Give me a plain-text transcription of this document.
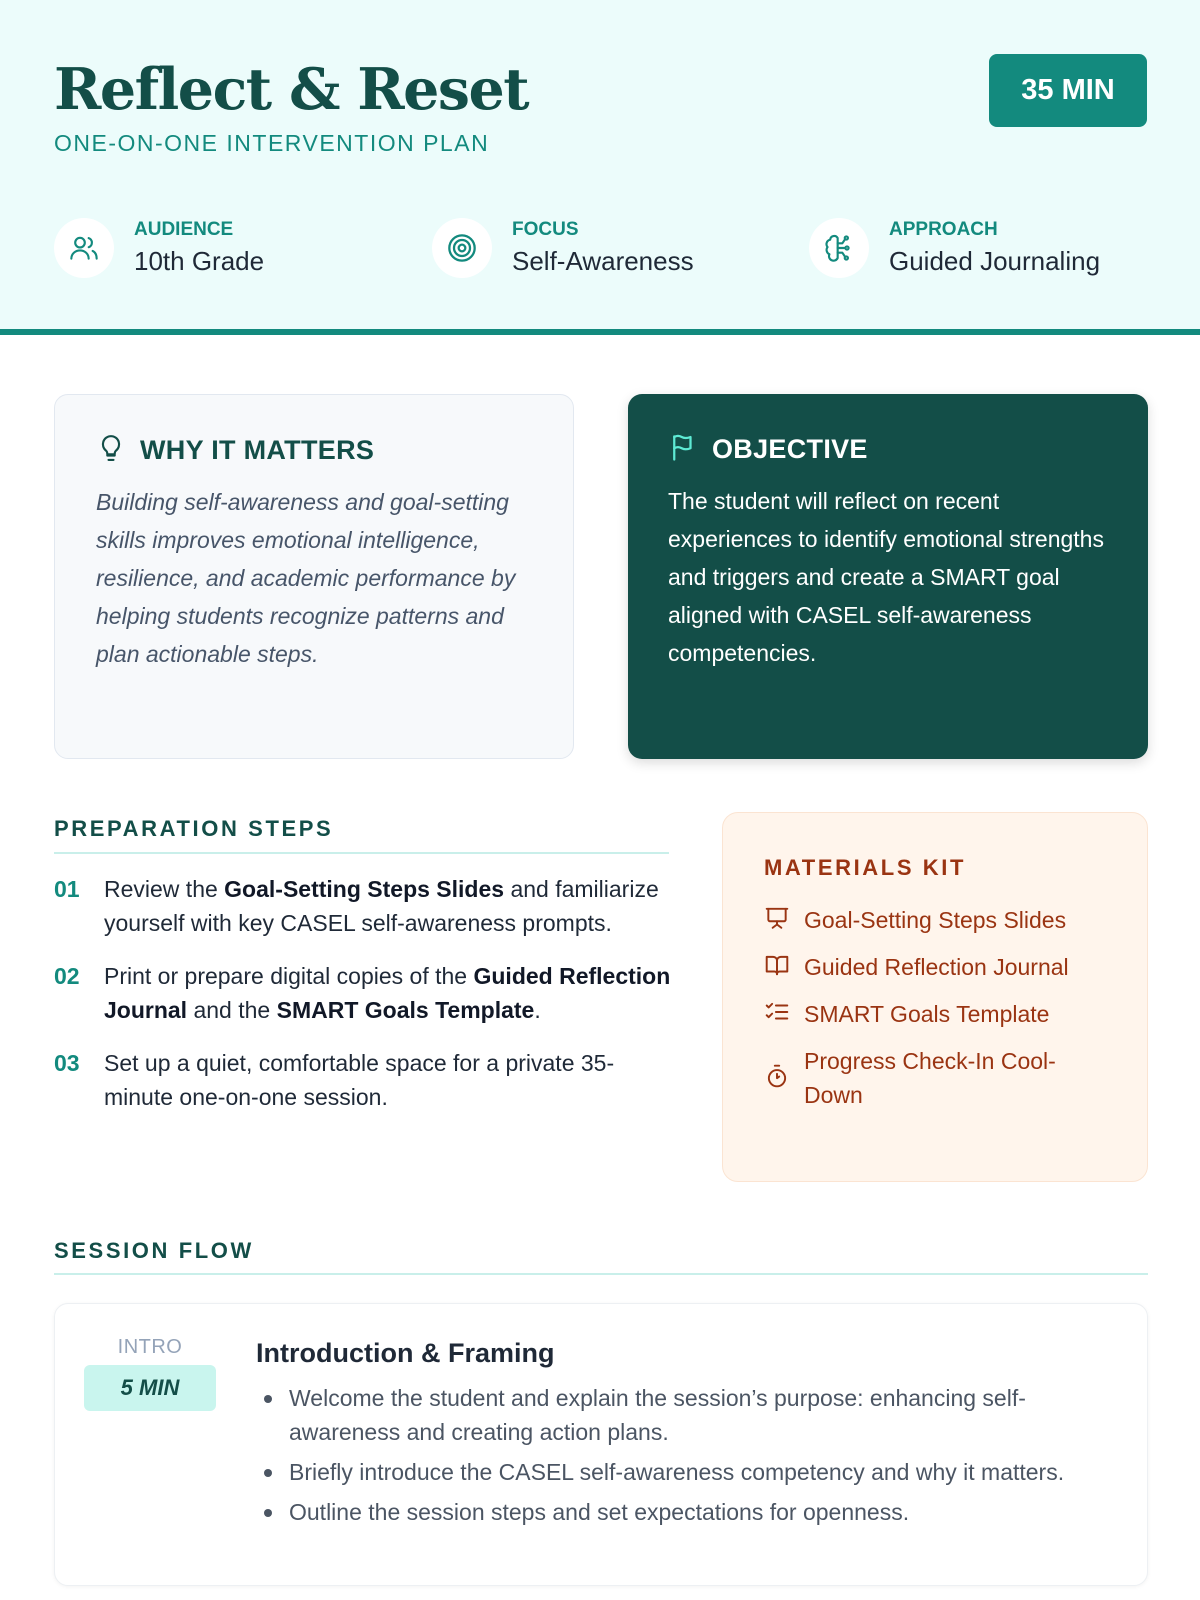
Reflect & Reset
ONE-ON-ONE INTERVENTION PLAN
35 MIN
AUDIENCE
10th Grade
FOCUS
Self-Awareness
APPROACH
Guided Journaling
WHY IT MATTERS

Building self-awareness and goal-setting skills improves emotional intelligence, resilience, and academic performance by helping students recognize patterns and plan actionable steps.

OBJECTIVE

The student will reflect on recent experiences to identify emotional strengths and triggers and create a SMART goal aligned with CASEL self-awareness competencies.

PREPARATION STEPS
01	Review the Goal-Setting Steps Slides and familiarize yourself with key CASEL self-awareness prompts.
02	Print or prepare digital copies of the Guided Reflection Journal and the SMART Goals Template.
03	Set up a quiet, comfortable space for a private 35-minute one-on-one session.
MATERIALS KIT
Goal-Setting Steps Slides
Guided Reflection Journal
SMART Goals Template
Progress Check-In Cool-Down
SESSION FLOW
INTRO
5 MIN
Introduction & Framing
Welcome the student and explain the session’s purpose: enhancing self-awareness and creating action plans.
Briefly introduce the CASEL self-awareness competency and why it matters.
Outline the session steps and set expectations for openness.
